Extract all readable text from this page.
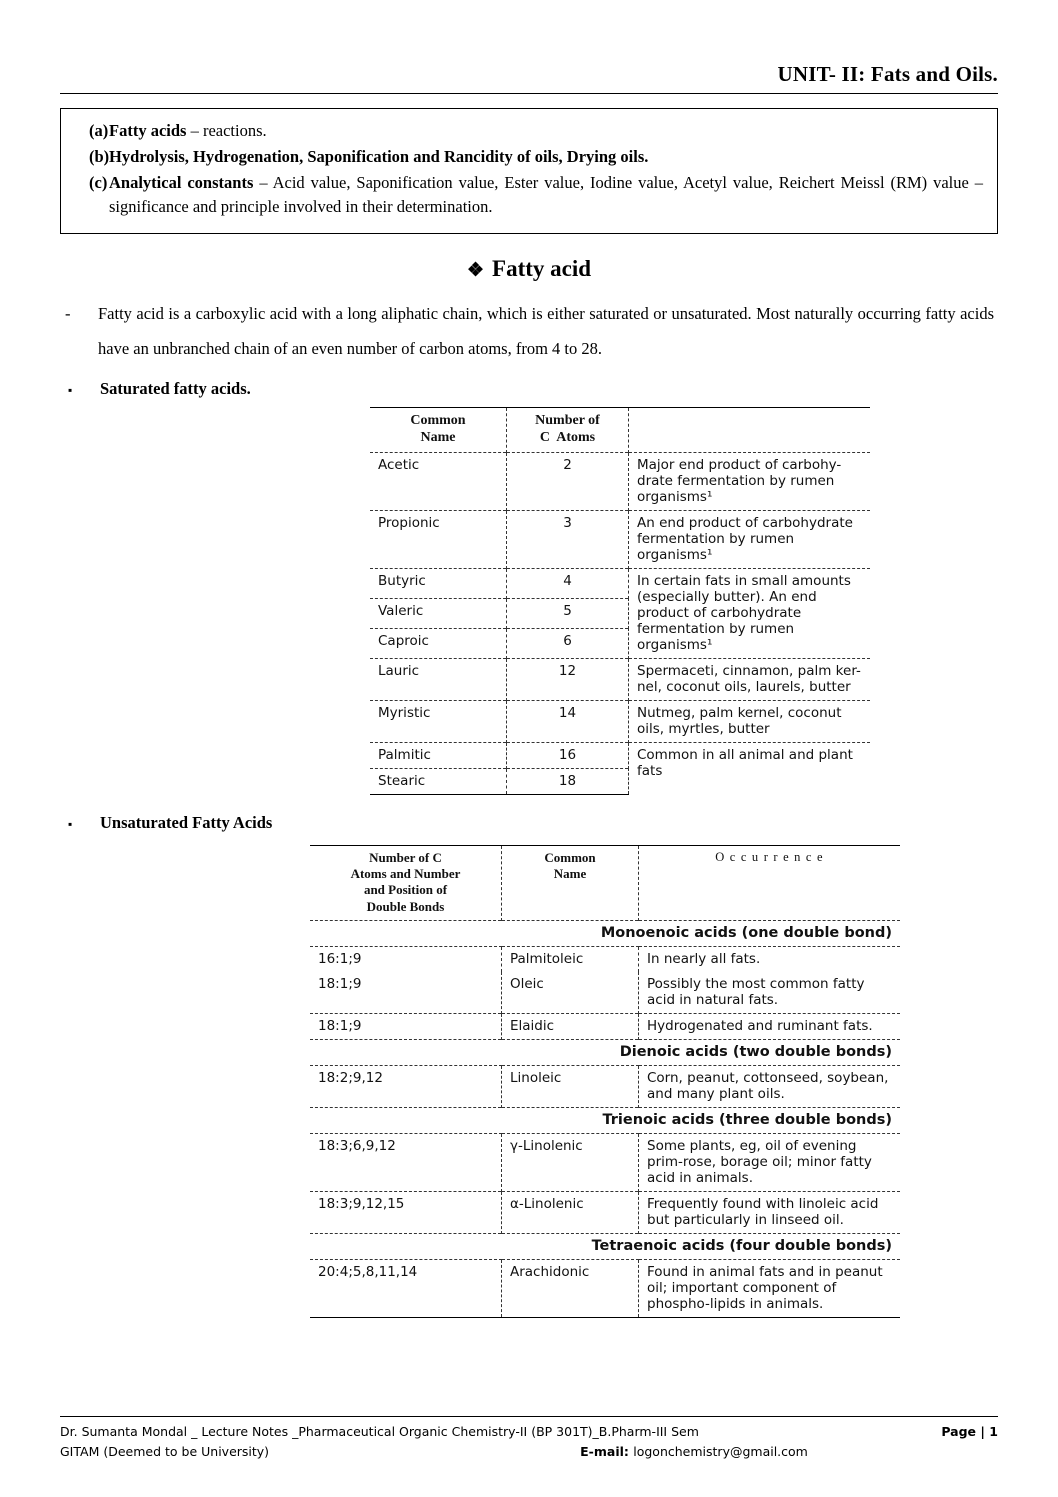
UNIT- II: Fats and Oils.
(a) Fatty acids – reactions.
(b) Hydrolysis, Hydrogenation, Saponification and Rancidity of oils, Drying oils.
(c) Analytical constants – Acid value, Saponification value, Ester value, Iodine value, Acetyl value, Reichert Meissl (RM) value – significance and principle involved in their determination.
❖ Fatty acid
-	Fatty acid is a carboxylic acid with a long aliphatic chain, which is either saturated or unsaturated. Most naturally occurring fatty acids have an unbranched chain of an even number of carbon atoms, from 4 to 28.
▪	Saturated fatty acids.
Common
Name	Number of
C  Atoms	
Acetic	2	Major end product of carbohy-drate fermentation by rumen organisms¹
Propionic	3	An end product of carbohydrate fermentation by rumen organisms¹
Butyric	4	In certain fats in small amounts (especially butter). An end product of carbohydrate fermentation by rumen organisms¹
Valeric	5	
Caproic	6	
Lauric	12	Spermaceti, cinnamon, palm ker-nel, coconut oils, laurels, butter
Myristic	14	Nutmeg, palm kernel, coconut oils, myrtles, butter
Palmitic	16	Common in all animal and plant fats
Stearic	18	
▪	Unsaturated Fatty Acids
Number of C
Atoms and Number
and Position of
Double Bonds	Common
Name	O c c u r r e n c e
Monoenoic acids (one double bond)		
16:1;9	Palmitoleic	In nearly all fats.
18:1;9	Oleic	Possibly the most common fatty acid in natural fats.
18:1;9	Elaidic	Hydrogenated and ruminant fats.
Dienoic acids (two double bonds)		
18:2;9,12	Linoleic	Corn, peanut, cottonseed, soybean, and many plant oils.
Trienoic acids (three double bonds)		
18:3;6,9,12	γ-Linolenic	Some plants, eg, oil of evening prim-rose, borage oil; minor fatty acid in animals.
18:3;9,12,15	α-Linolenic	Frequently found with linoleic acid but particularly in linseed oil.
Tetraenoic acids (four double bonds)		
20:4;5,8,11,14	Arachidonic	Found in animal fats and in peanut oil; important component of phospho-lipids in animals.
Dr. Sumanta Mondal _ Lecture Notes _Pharmaceutical Organic Chemistry-II (BP 301T)_B.Pharm-III Sem	Page | 1
GITAM (Deemed to be University)	E-mail: logonchemistry@gmail.com
